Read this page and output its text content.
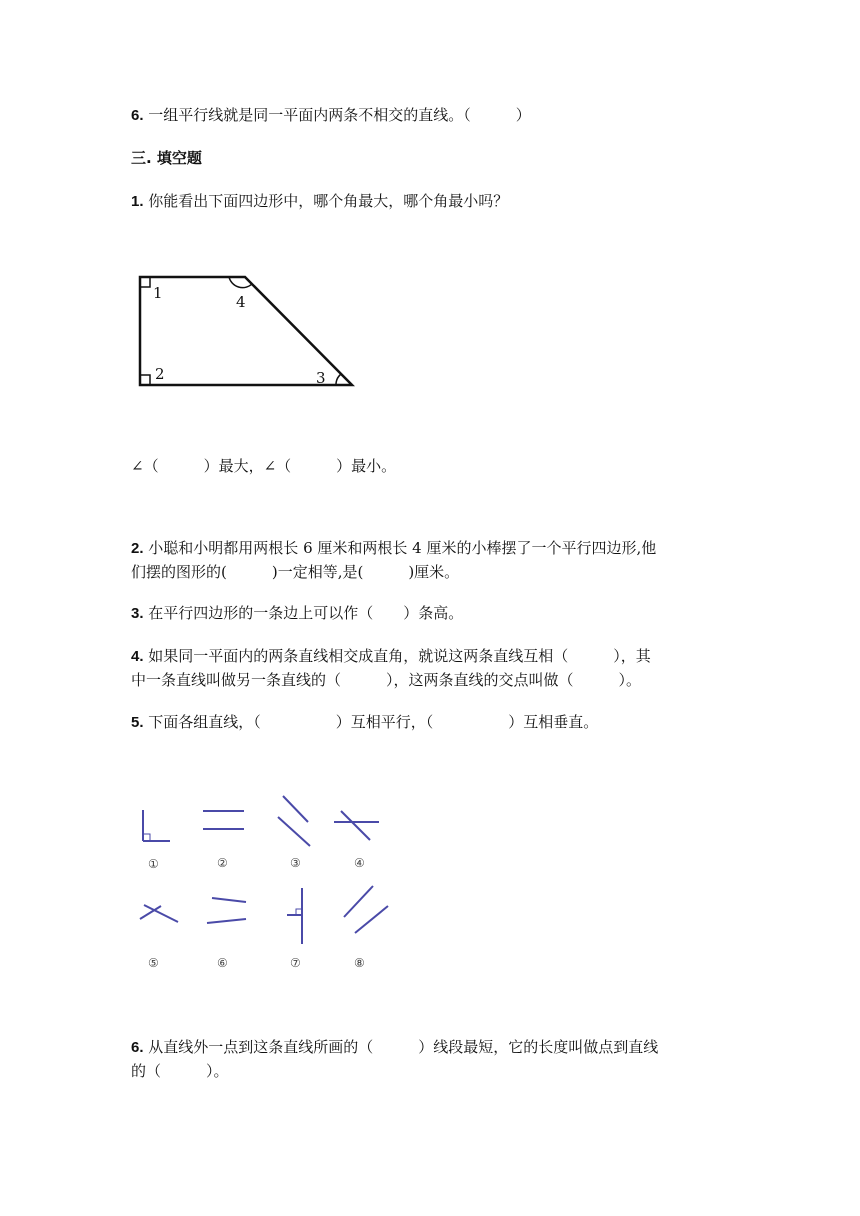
6. 一组平行线就是同一平面内两条不相交的直线。（　　　）
三. 填空题
1. 你能看出下面四边形中，哪个角最大，哪个角最小吗？
1
2	3
4
∠（　　　）最大，∠（　　　）最小。
2. 小聪和小明都用两根长 6 厘米和两根长 4 厘米的小棒摆了一个平行四边形,他
们摆的图形的(　　　)一定相等,是(　　　)厘米。
3. 在平行四边形的一条边上可以作（　　）条高。
4. 如果同一平面内的两条直线相交成直角，就说这两条直线互相（　　　），其
中一条直线叫做另一条直线的（　　　），这两条直线的交点叫做（　　　）。
5. 下面各组直线，（　　　　　）互相平行，（　　　　　）互相垂直。
①	②	③	④
⑤	⑥	⑦	⑧
6. 从直线外一点到这条直线所画的（　　　）线段最短，它的长度叫做点到直线
的（　　　）。
